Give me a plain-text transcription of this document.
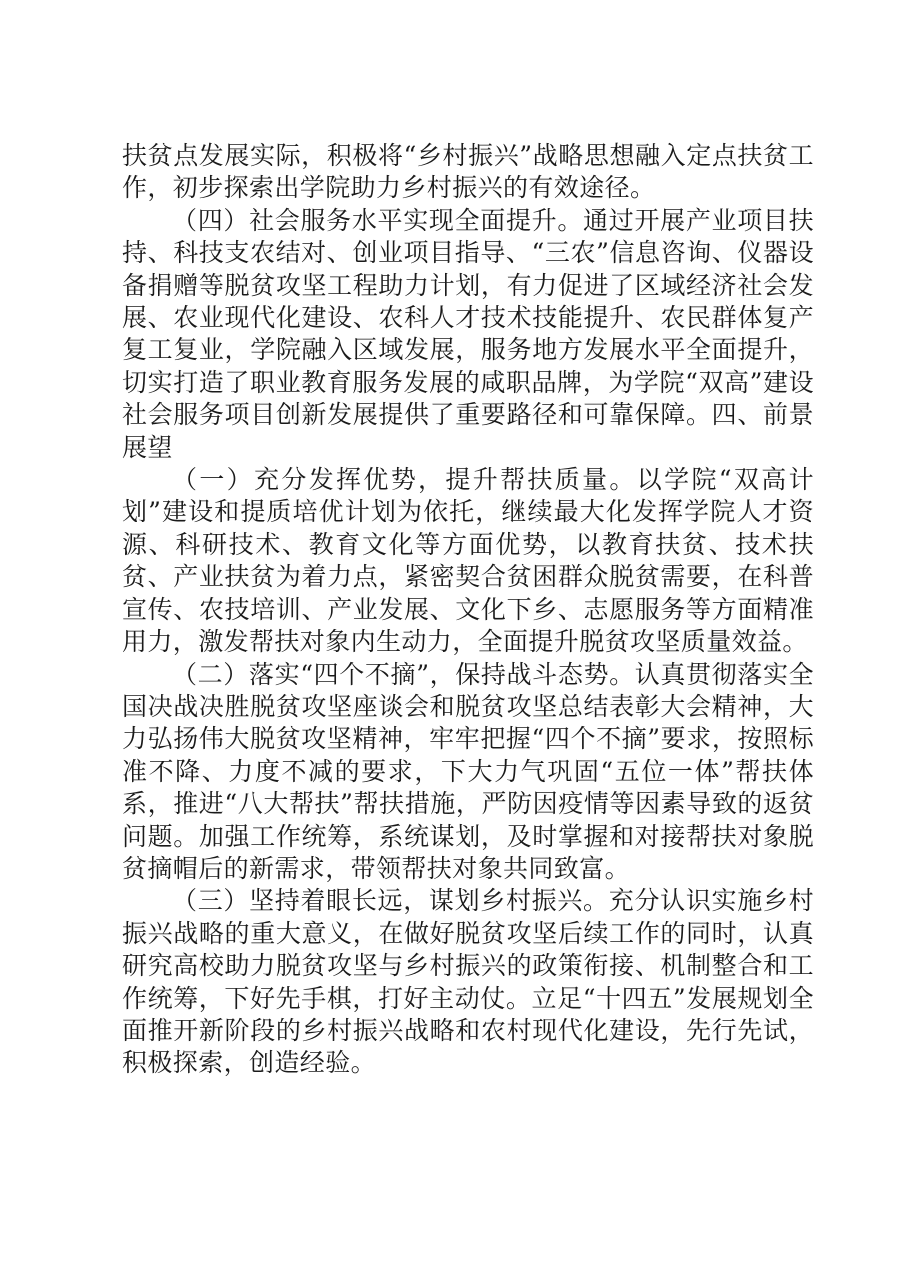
扶贫点发展实际，积极将“乡村振兴”战略思想融入定点扶贫工作，初步探索出学院助力乡村振兴的有效途径。

（四）社会服务水平实现全面提升。通过开展产业项目扶持、科技支农结对、创业项目指导、“三农”信息咨询、仪器设备捐赠等脱贫攻坚工程助力计划，有力促进了区域经济社会发展、农业现代化建设、农科人才技术技能提升、农民群体复产复工复业，学院融入区域发展，服务地方发展水平全面提升，切实打造了职业教育服务发展的咸职品牌，为学院“双高”建设社会服务项目创新发展提供了重要路径和可靠保障。四、前景展望

（一）充分发挥优势，提升帮扶质量。以学院“双高计划”建设和提质培优计划为依托，继续最大化发挥学院人才资源、科研技术、教育文化等方面优势，以教育扶贫、技术扶贫、产业扶贫为着力点，紧密契合贫困群众脱贫需要，在科普宣传、农技培训、产业发展、文化下乡、志愿服务等方面精准用力，激发帮扶对象内生动力，全面提升脱贫攻坚质量效益。

（二）落实“四个不摘”，保持战斗态势。认真贯彻落实全国决战决胜脱贫攻坚座谈会和脱贫攻坚总结表彰大会精神，大力弘扬伟大脱贫攻坚精神，牢牢把握“四个不摘”要求，按照标准不降、力度不减的要求，下大力气巩固“五位一体”帮扶体系，推进“八大帮扶”帮扶措施，严防因疫情等因素导致的返贫问题。加强工作统筹，系统谋划，及时掌握和对接帮扶对象脱贫摘帽后的新需求，带领帮扶对象共同致富。

（三）坚持着眼长远，谋划乡村振兴。充分认识实施乡村振兴战略的重大意义，在做好脱贫攻坚后续工作的同时，认真研究高校助力脱贫攻坚与乡村振兴的政策衔接、机制整合和工作统筹，下好先手棋，打好主动仗。立足“十四五”发展规划全面推开新阶段的乡村振兴战略和农村现代化建设，先行先试，积极探索，创造经验。
